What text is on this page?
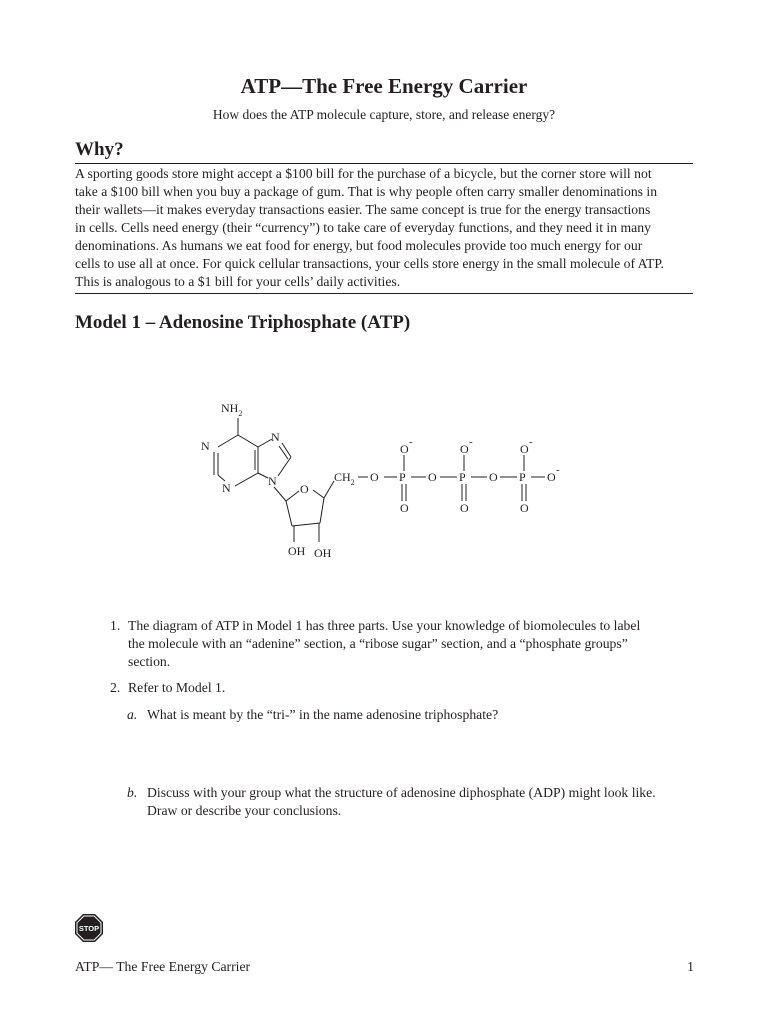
ATP—The Free Energy Carrier
How does the ATP molecule capture, store, and release energy?
Why?
A sporting goods store might accept a $100 bill for the purchase of a bicycle, but the corner store will not
take a $100 bill when you buy a package of gum. That is why people often carry smaller denominations in
their wallets—it makes everyday transactions easier. The same concept is true for the energy transactions
in cells. Cells need energy (their “currency”) to take care of everyday functions, and they need it in many
denominations. As humans we eat food for energy, but food molecules provide too much energy for our
cells to use all at once. For quick cellular transactions, your cells store energy in the small molecule of ATP.
This is analogous to a $1 bill for your cells’ daily activities.
Model 1 – Adenosine Triphosphate (ATP)
$NH_2$
N
N
N
N
O
OH OH
$CH_2$ O P O P O P O
O	O	O
O	O	O
-	-	-
-
1. The diagram of ATP in Model 1 has three parts. Use your knowledge of biomolecules to label
the molecule with an “adenine” section, a “ribose sugar” section, and a “phosphate groups”
section.
2. Refer to Model 1.
a. What is meant by the “tri-” in the name adenosine triphosphate?
b. Discuss with your group what the structure of adenosine diphosphate (ADP) might look like.
Draw or describe your conclusions.
STOP
ATP— The Free Energy Carrier	1
